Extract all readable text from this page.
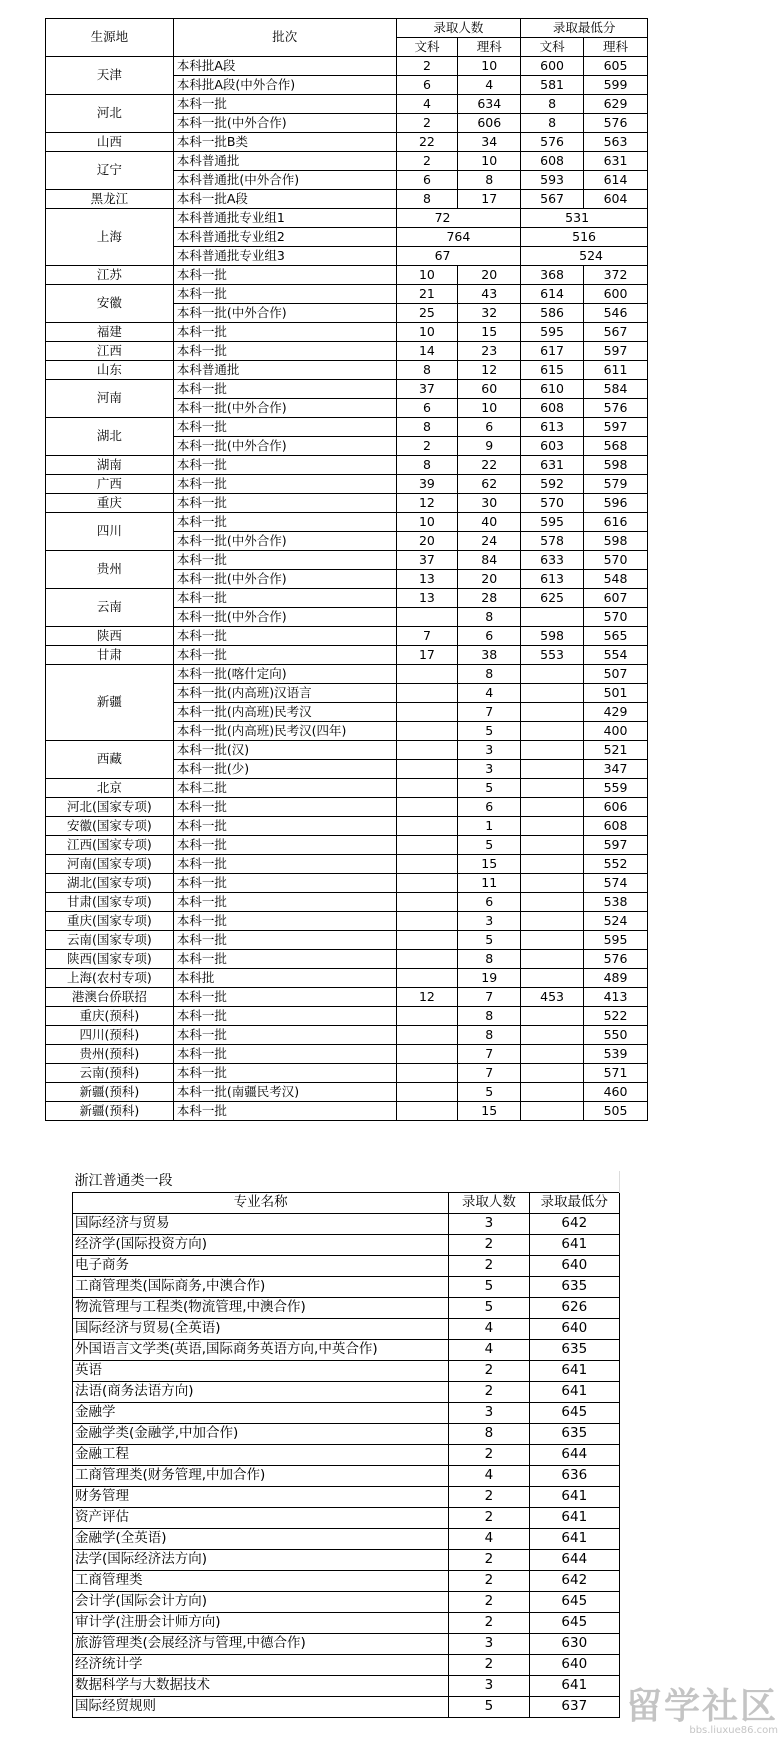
生源地	批次	录取人数		录取最低分	
		文科	理科	文科	理科
天津	本科批A段	2	10	600	605
	本科批A段(中外合作)	6	4	581	599
河北	本科一批	4	634	8	629
	本科一批(中外合作)	2	606	8	576
山西	本科一批B类	22	34	576	563
辽宁	本科普通批	2	10	608	631
	本科普通批(中外合作)	6	8	593	614
黑龙江	本科一批A段	8	17	567	604
上海	本科普通批专业组1	72		531	
	本科普通批专业组2	764		516	
	本科普通批专业组3	67		524	
江苏	本科一批	10	20	368	372
安徽	本科一批	21	43	614	600
	本科一批(中外合作)	25	32	586	546
福建	本科一批	10	15	595	567
江西	本科一批	14	23	617	597
山东	本科普通批	8	12	615	611
河南	本科一批	37	60	610	584
	本科一批(中外合作)	6	10	608	576
湖北	本科一批	8	6	613	597
	本科一批(中外合作)	2	9	603	568
湖南	本科一批	8	22	631	598
广西	本科一批	39	62	592	579
重庆	本科一批	12	30	570	596
四川	本科一批	10	40	595	616
	本科一批(中外合作)	20	24	578	598
贵州	本科一批	37	84	633	570
	本科一批(中外合作)	13	20	613	548
云南	本科一批	13	28	625	607
	本科一批(中外合作)		8		570
陕西	本科一批	7	6	598	565
甘肃	本科一批	17	38	553	554
新疆	本科一批(喀什定向)		8		507
	本科一批(内高班)汉语言		4		501
	本科一批(内高班)民考汉		7		429
	本科一批(内高班)民考汉(四年)		5		400
西藏	本科一批(汉)		3		521
	本科一批(少)		3		347
北京	本科二批		5		559
河北(国家专项)	本科一批		6		606
安徽(国家专项)	本科一批		1		608
江西(国家专项)	本科一批		5		597
河南(国家专项)	本科一批		15		552
湖北(国家专项)	本科一批		11		574
甘肃(国家专项)	本科一批		6		538
重庆(国家专项)	本科一批		3		524
云南(国家专项)	本科一批		5		595
陕西(国家专项)	本科一批		8		576
上海(农村专项)	本科批		19		489
港澳台侨联招	本科一批	12	7	453	413
重庆(预科)	本科一批		8		522
四川(预科)	本科一批		8		550
贵州(预科)	本科一批		7		539
云南(预科)	本科一批		7		571
新疆(预科)	本科一批(南疆民考汉)		5		460
新疆(预科)	本科一批		15		505
浙江普通类一段		
专业名称	录取人数	录取最低分
国际经济与贸易	3	642
经济学(国际投资方向)	2	641
电子商务	2	640
工商管理类(国际商务,中澳合作)	5	635
物流管理与工程类(物流管理,中澳合作)	5	626
国际经济与贸易(全英语)	4	640
外国语言文学类(英语,国际商务英语方向,中英合作)	4	635
英语	2	641
法语(商务法语方向)	2	641
金融学	3	645
金融学类(金融学,中加合作)	8	635
金融工程	2	644
工商管理类(财务管理,中加合作)	4	636
财务管理	2	641
资产评估	2	641
金融学(全英语)	4	641
法学(国际经济法方向)	2	644
工商管理类	2	642
会计学(国际会计方向)	2	645
审计学(注册会计师方向)	2	645
旅游管理类(会展经济与管理,中德合作)	3	630
经济统计学	2	640
数据科学与大数据技术	3	641
国际经贸规则	5	637	留学社区
bbs.liuxue86.com
